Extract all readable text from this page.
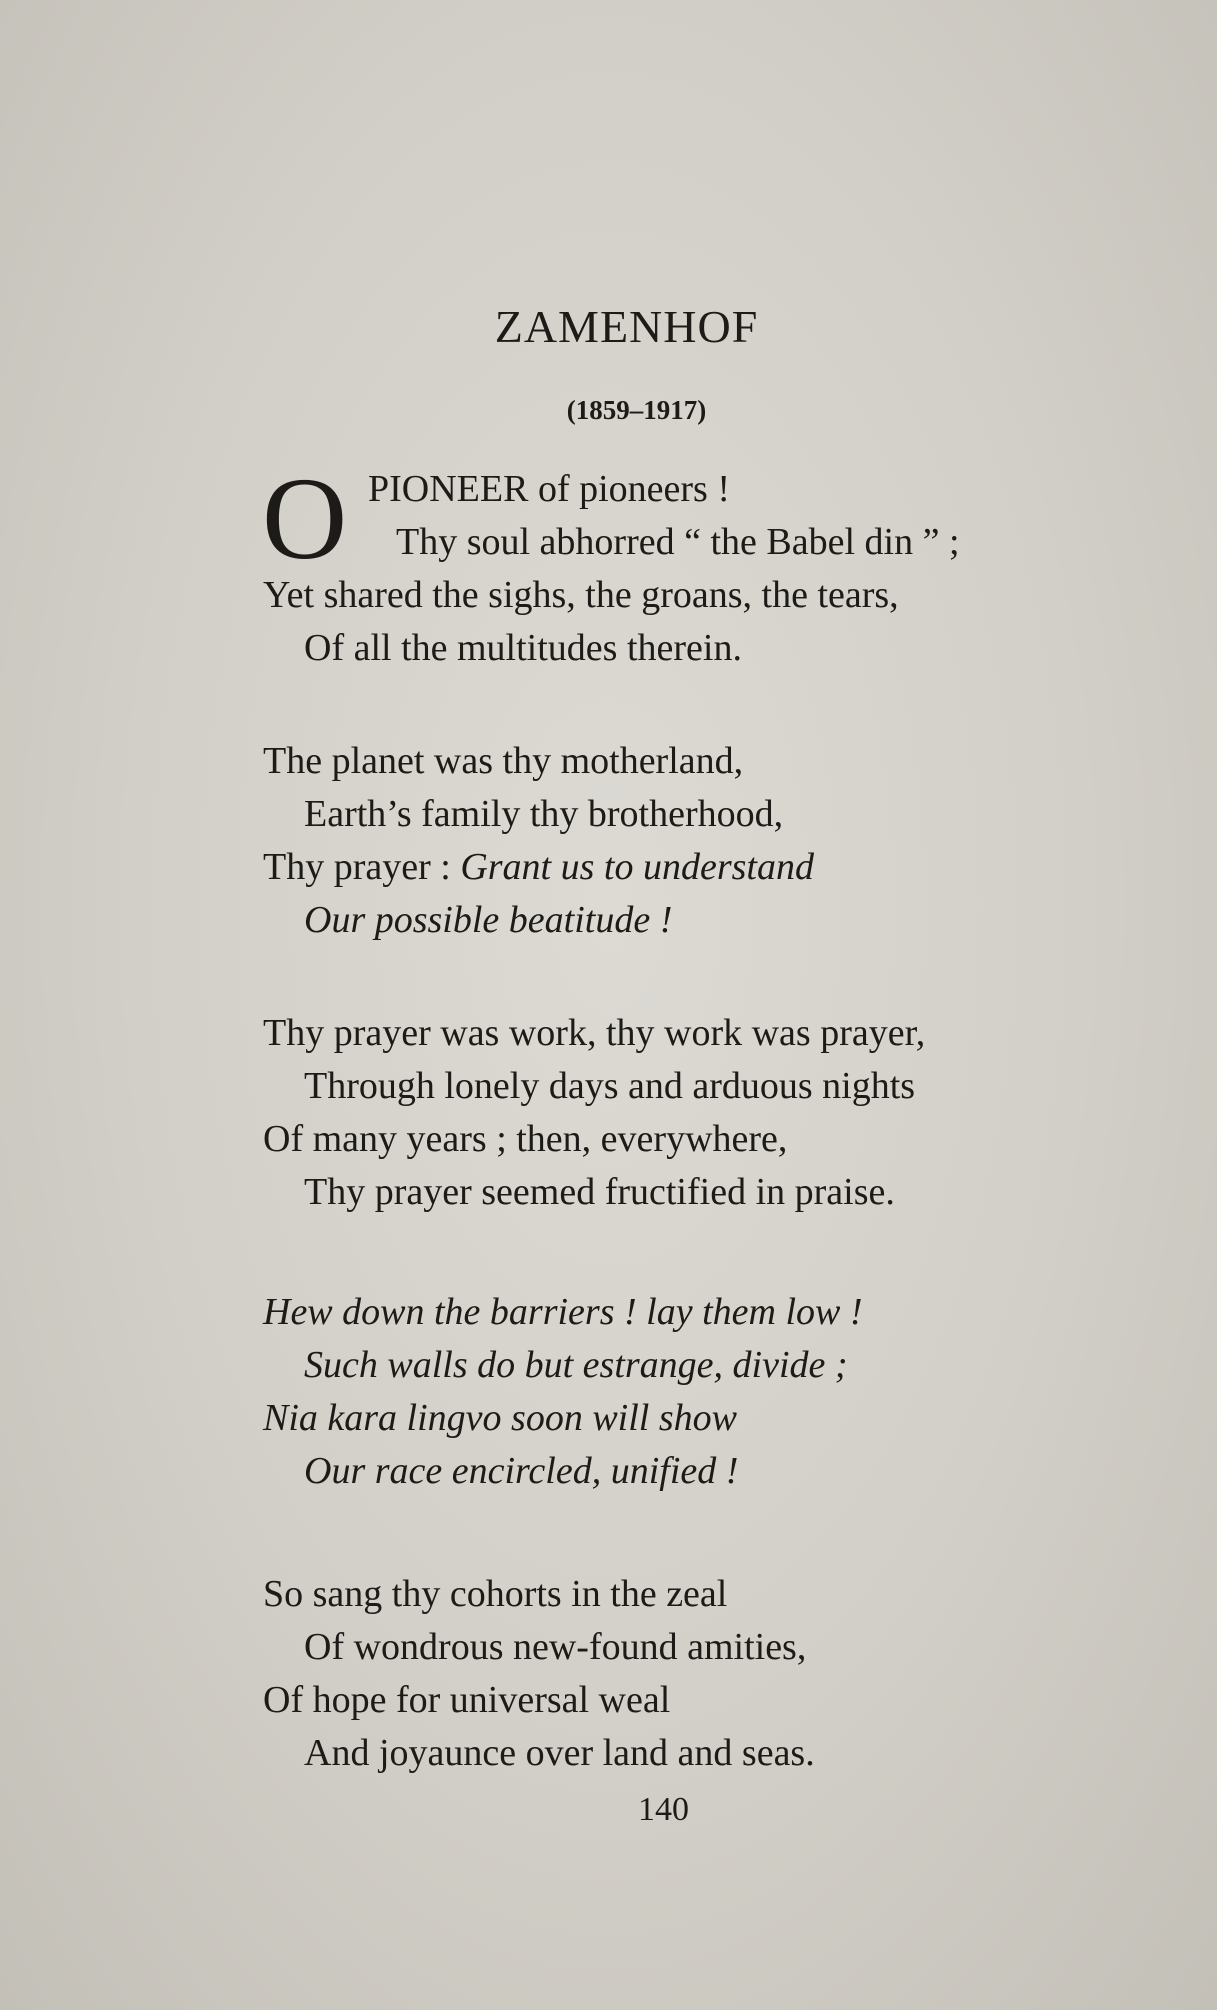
ZAMENHOF
(1859–1917)
O PIONEER of pioneers !
Thy soul abhorred “ the Babel din ” ;
Yet shared the sighs, the groans, the tears,
Of all the multitudes therein.
The planet was thy motherland,
Earth’s family thy brotherhood,
Thy prayer : Grant us to understand
Our possible beatitude !
Thy prayer was work, thy work was prayer,
Through lonely days and arduous nights
Of many years ; then, everywhere,
Thy prayer seemed fructified in praise.
Hew down the barriers ! lay them low !
Such walls do but estrange, divide ;
Nia kara lingvo soon will show
Our race encircled, unified !
So sang thy cohorts in the zeal
Of wondrous new-found amities,
Of hope for universal weal
And joyaunce over land and seas.
140
